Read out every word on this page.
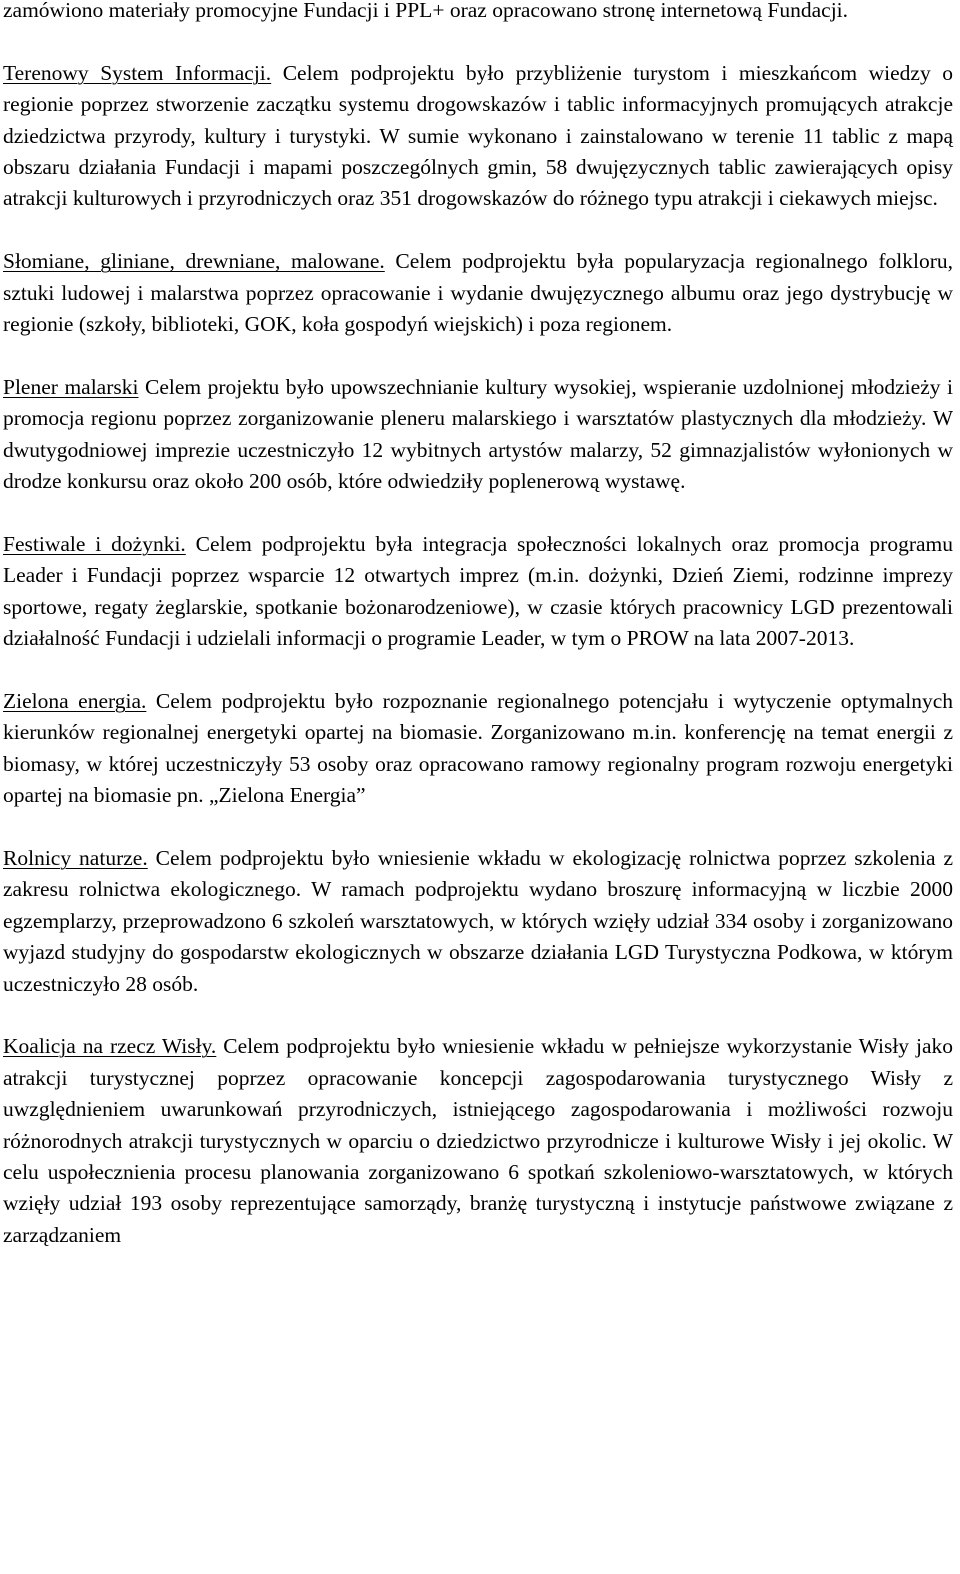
zamówiono materiały promocyjne Fundacji i PPL+ oraz opracowano stronę internetową Fundacji.

Terenowy System Informacji. Celem podprojektu było przybliżenie turystom i mieszkańcom wiedzy o regionie poprzez stworzenie zaczątku systemu drogowskazów i tablic informacyjnych promujących atrakcje dziedzictwa przyrody, kultury i turystyki. W sumie wykonano i zainstalowano w terenie 11 tablic z mapą obszaru działania Fundacji i mapami poszczególnych gmin, 58 dwujęzycznych tablic zawierających opisy atrakcji kulturowych i przyrodniczych oraz 351 drogowskazów do różnego typu atrakcji i ciekawych miejsc.

Słomiane, gliniane, drewniane, malowane. Celem podprojektu była popularyzacja regionalnego folkloru, sztuki ludowej i malarstwa poprzez opracowanie i wydanie dwujęzycznego albumu oraz jego dystrybucję w regionie (szkoły, biblioteki, GOK, koła gospodyń wiejskich) i poza regionem.

Plener malarski Celem projektu było upowszechnianie kultury wysokiej, wspieranie uzdolnionej młodzieży i promocja regionu poprzez zorganizowanie pleneru malarskiego i warsztatów plastycznych dla młodzieży. W dwutygodniowej imprezie uczestniczyło 12 wybitnych artystów malarzy, 52 gimnazjalistów wyłonionych w drodze konkursu oraz około 200 osób, które odwiedziły poplenerową wystawę.

Festiwale i dożynki. Celem podprojektu była integracja społeczności lokalnych oraz promocja programu Leader i Fundacji poprzez wsparcie 12 otwartych imprez (m.in. dożynki, Dzień Ziemi, rodzinne imprezy sportowe, regaty żeglarskie, spotkanie bożonarodzeniowe), w czasie których pracownicy LGD prezentowali działalność Fundacji i udzielali informacji o programie Leader, w tym o PROW na lata 2007-2013.

Zielona energia. Celem podprojektu było rozpoznanie regionalnego potencjału i wytyczenie optymalnych kierunków regionalnej energetyki opartej na biomasie. Zorganizowano m.in. konferencję na temat energii z biomasy, w której uczestniczyły 53 osoby oraz opracowano ramowy regionalny program rozwoju energetyki opartej na biomasie pn. „Zielona Energia”

Rolnicy naturze. Celem podprojektu było wniesienie wkładu w ekologizację rolnictwa poprzez szkolenia z zakresu rolnictwa ekologicznego. W ramach podprojektu wydano broszurę informacyjną w liczbie 2000 egzemplarzy, przeprowadzono 6 szkoleń warsztatowych, w których wzięły udział 334 osoby i zorganizowano wyjazd studyjny do gospodarstw ekologicznych w obszarze działania LGD Turystyczna Podkowa, w którym uczestniczyło 28 osób.

Koalicja na rzecz Wisły. Celem podprojektu było wniesienie wkładu w pełniejsze wykorzystanie Wisły jako atrakcji turystycznej poprzez opracowanie koncepcji zagospodarowania turystycznego Wisły z uwzględnieniem uwarunkowań przyrodniczych, istniejącego zagospodarowania i możliwości rozwoju różnorodnych atrakcji turystycznych w oparciu o dziedzictwo przyrodnicze i kulturowe Wisły i jej okolic. W celu uspołecznienia procesu planowania zorganizowano 6 spotkań szkoleniowo-warsztatowych, w których wzięły udział 193 osoby reprezentujące samorządy, branżę turystyczną i instytucje państwowe związane z zarządzaniem
